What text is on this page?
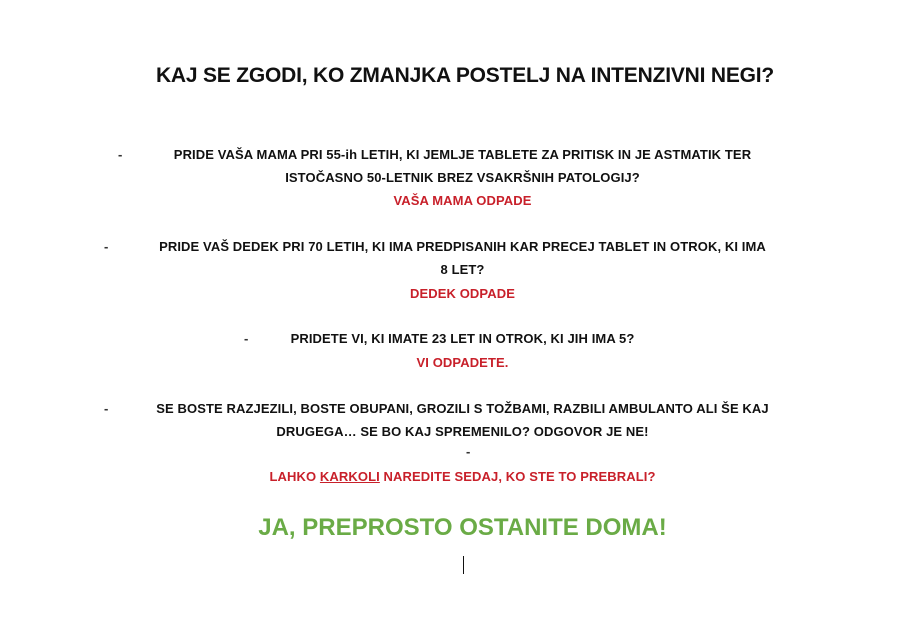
KAJ SE ZGODI, KO ZMANJKA POSTELJ NA INTENZIVNI NEGI?
-	PRIDE VAŠA MAMA PRI 55-ih LETIH, KI JEMLJE TABLETE ZA PRITISK IN JE ASTMATIK TER
ISTOČASNO 50-LETNIK BREZ VSAKRŠNIH PATOLOGIJ?
VAŠA MAMA ODPADE
-	PRIDE VAŠ DEDEK PRI 70 LETIH, KI IMA PREDPISANIH KAR PRECEJ TABLET IN OTROK, KI IMA
8 LET?
DEDEK ODPADE
-	PRIDETE VI, KI IMATE 23 LET IN OTROK, KI JIH IMA 5?
VI ODPADETE.
-	SE BOSTE RAZJEZILI, BOSTE OBUPANI, GROZILI S TOŽBAMI, RAZBILI AMBULANTO ALI ŠE KAJ
DRUGEGA… SE BO KAJ SPREMENILO? ODGOVOR JE NE!
-
LAHKO KARKOLI NAREDITE SEDAJ, KO STE TO PREBRALI?
JA, PREPROSTO OSTANITE DOMA!
